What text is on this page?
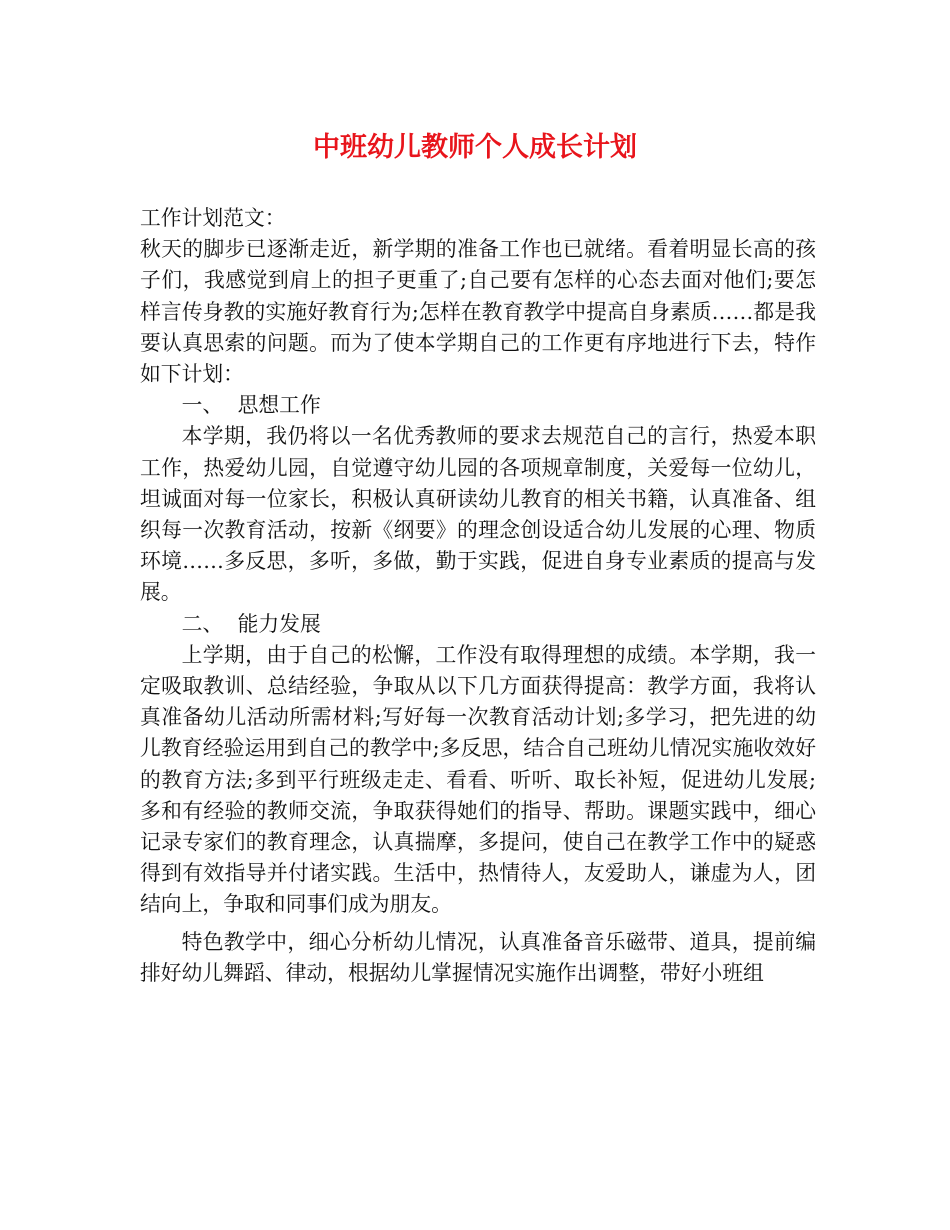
中班幼儿教师个人成长计划

工作计划范文：

秋天的脚步已逐渐走近，新学期的准备工作也已就绪。看着明显长高的孩子们，我感觉到肩上的担子更重了;自己要有怎样的心态去面对他们;要怎样言传身教的实施好教育行为;怎样在教育教学中提高自身素质……都是我要认真思索的问题。而为了使本学期自己的工作更有序地进行下去，特作如下计划：

一、 思想工作

本学期，我仍将以一名优秀教师的要求去规范自己的言行，热爱本职工作，热爱幼儿园，自觉遵守幼儿园的各项规章制度，关爱每一位幼儿，坦诚面对每一位家长，积极认真研读幼儿教育的相关书籍，认真准备、组织每一次教育活动，按新《纲要》的理念创设适合幼儿发展的心理、物质环境……多反思，多听，多做，勤于实践，促进自身专业素质的提高与发展。

二、 能力发展

上学期，由于自己的松懈，工作没有取得理想的成绩。本学期，我一定吸取教训、总结经验，争取从以下几方面获得提高：教学方面，我将认真准备幼儿活动所需材料;写好每一次教育活动计划;多学习，把先进的幼儿教育经验运用到自己的教学中;多反思，结合自己班幼儿情况实施收效好的教育方法;多到平行班级走走、看看、听听、取长补短，促进幼儿发展;多和有经验的教师交流，争取获得她们的指导、帮助。课题实践中，细心记录专家们的教育理念，认真揣摩，多提问，使自己在教学工作中的疑惑得到有效指导并付诸实践。生活中，热情待人，友爱助人，谦虚为人，团结向上，争取和同事们成为朋友。

特色教学中，细心分析幼儿情况，认真准备音乐磁带、道具，提前编排好幼儿舞蹈、律动，根据幼儿掌握情况实施作出调整，带好小班组
